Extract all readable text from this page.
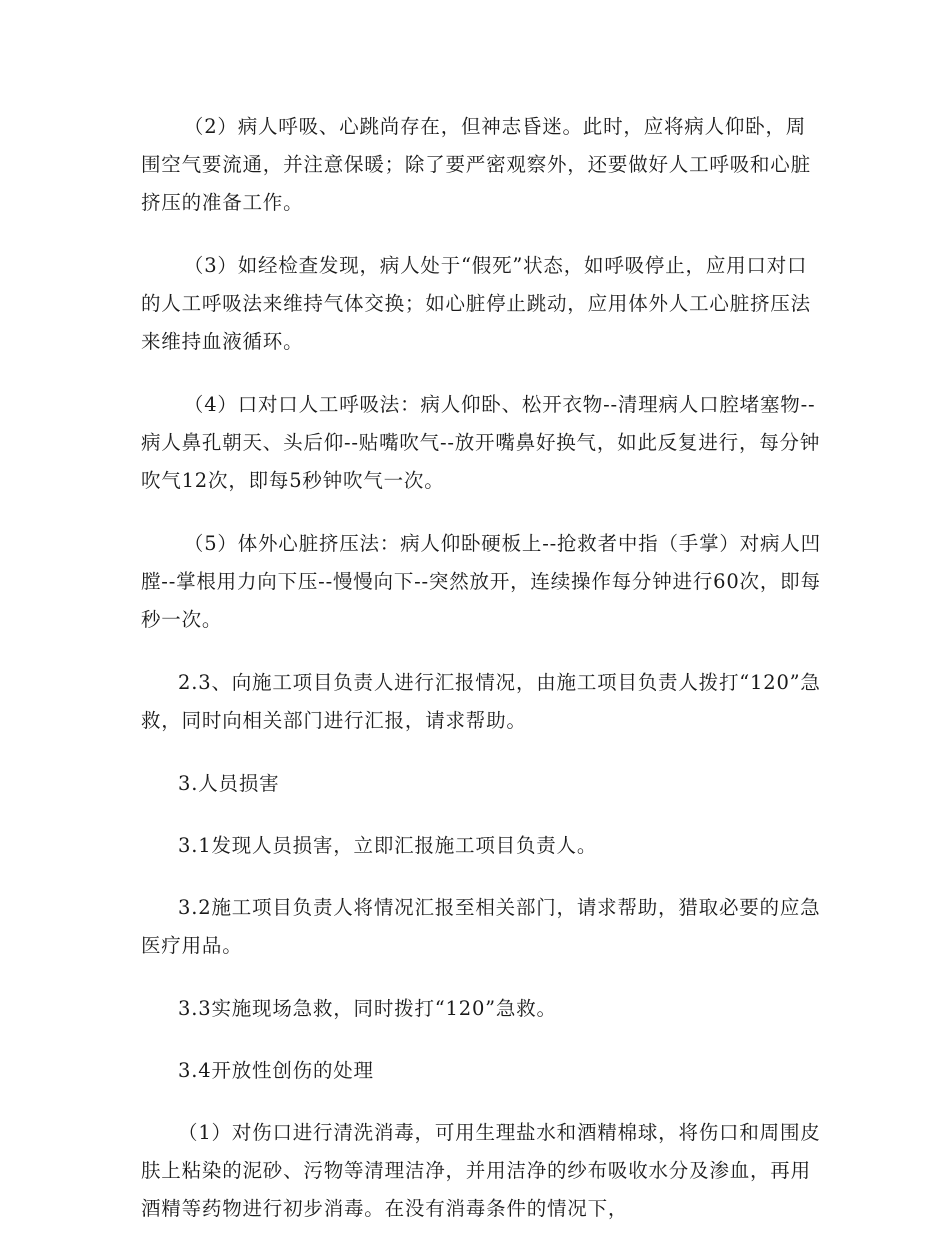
（2）病人呼吸、心跳尚存在，但神志昏迷。此时，应将病人仰卧，周围空气要流通，并注意保暖；除了要严密观察外，还要做好人工呼吸和心脏挤压的准备工作。

（3）如经检查发现，病人处于“假死”状态，如呼吸停止，应用口对口的人工呼吸法来维持气体交换；如心脏停止跳动，应用体外人工心脏挤压法来维持血液循环。

（4）口对口人工呼吸法：病人仰卧、松开衣物--清理病人口腔堵塞物--病人鼻孔朝天、头后仰--贴嘴吹气--放开嘴鼻好换气，如此反复进行，每分钟吹气12次，即每5秒钟吹气一次。

（5）体外心脏挤压法：病人仰卧硬板上--抢救者中指（手掌）对病人凹膛--掌根用力向下压--慢慢向下--突然放开，连续操作每分钟进行60次，即每秒一次。

2.3、向施工项目负责人进行汇报情况，由施工项目负责人拨打“120”急救，同时向相关部门进行汇报，请求帮助。

3.人员损害

3.1发现人员损害，立即汇报施工项目负责人。

3.2施工项目负责人将情况汇报至相关部门，请求帮助，猎取必要的应急医疗用品。

3.3实施现场急救，同时拨打“120”急救。

3.4开放性创伤的处理

（1）对伤口进行清洗消毒，可用生理盐水和酒精棉球，将伤口和周围皮肤上粘染的泥砂、污物等清理洁净，并用洁净的纱布吸收水分及渗血，再用酒精等药物进行初步消毒。在没有消毒条件的情况下，
